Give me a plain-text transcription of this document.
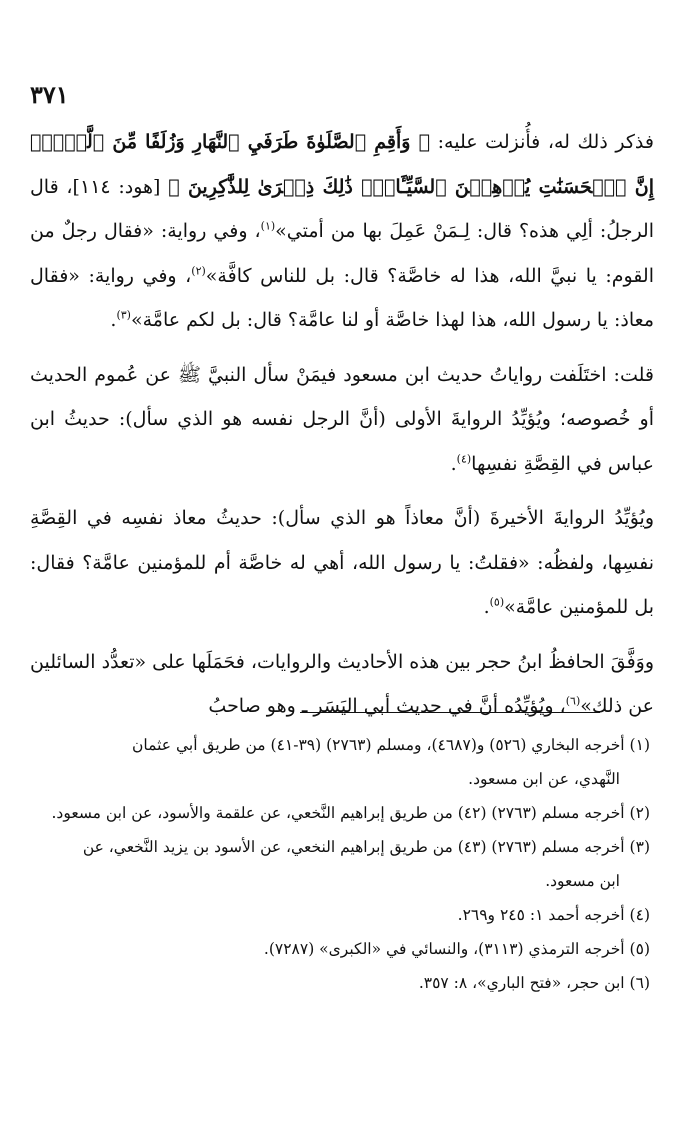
٣٧١

فذكر ذلك له، فأُنزلت عليه: ﴿ وَأَقِمِ ٱلصَّلَوٰةَ طَرَفَيِ ٱلنَّهَارِ وَزُلَفًا مِّنَ ٱلَّيۡلِۚ إِنَّ ٱلۡحَسَنَٰتِ يُذۡهِبۡنَ ٱلسَّيِّـَٔاتِۚ ذَٰلِكَ ذِكۡرَىٰ لِلذَّٰكِرِينَ ﴾ [هود: ١١٤]، قال الرجلُ: ألِي هذه؟ قال: لِـمَنْ عَمِلَ بها من أمتي»$^{(١)}$، وفي رواية: «فقال رجلٌ من القوم: يا نبيَّ الله، هذا له خاصَّة؟ قال: بل للناس كافَّة»$^{(٢)}$، وفي رواية: «فقال معاذ: يا رسول الله، هذا لهذا خاصَّة أو لنا عامَّة؟ قال: بل لكم عامَّة»$^{(٣)}$.

قلت: اختَلَفت رواياتُ حديث ابن مسعود فيمَنْ سأل النبيَّ ﷺ عن عُموم الحديث أو خُصوصه؛ ويُؤيِّدُ الروايةَ الأولى (أنَّ الرجل نفسه هو الذي سأل): حديثُ ابن عباس في القِصَّةِ نفسِها$^{(٤)}$.

ويُؤيِّدُ الروايةَ الأخيرةَ (أنَّ معاذاً هو الذي سأل): حديثُ معاذ نفسِه في القِصَّةِ نفسِها، ولفظُه: «فقلتُ: يا رسول الله، أهي له خاصَّة أم للمؤمنين عامَّة؟ فقال: بل للمؤمنين عامَّة»$^{(٥)}$.

ووَفَّقَ الحافظُ ابنُ حجر بين هذه الأحاديث والروايات، فحَمَلَها على «تعدُّد السائلين عن ذلك»$^{(٦)}$، ويُؤيِّدُه أنَّ في حديث أبي اليَسَر ـ وهو صاحبُ

(١) أخرجه البخاري (٥٢٦) و(٤٦٨٧)، ومسلم (٢٧٦٣) (٣٩-٤١) من طريق أبي عثمان
النَّهدي، عن ابن مسعود.

(٢) أخرجه مسلم (٢٧٦٣) (٤٢) من طريق إبراهيم النَّخعي، عن علقمة والأسود، عن ابن مسعود.

(٣) أخرجه مسلم (٢٧٦٣) (٤٣) من طريق إبراهيم النخعي، عن الأسود بن يزيد النَّخعي، عن
ابن مسعود.

(٤) أخرجه أحمد ١: ٢٤٥ و٢٦٩.

(٥) أخرجه الترمذي (٣١١٣)، والنسائي في «الكبرى» (٧٢٨٧).

(٦) ابن حجر، «فتح الباري»، ٨: ٣٥٧.
